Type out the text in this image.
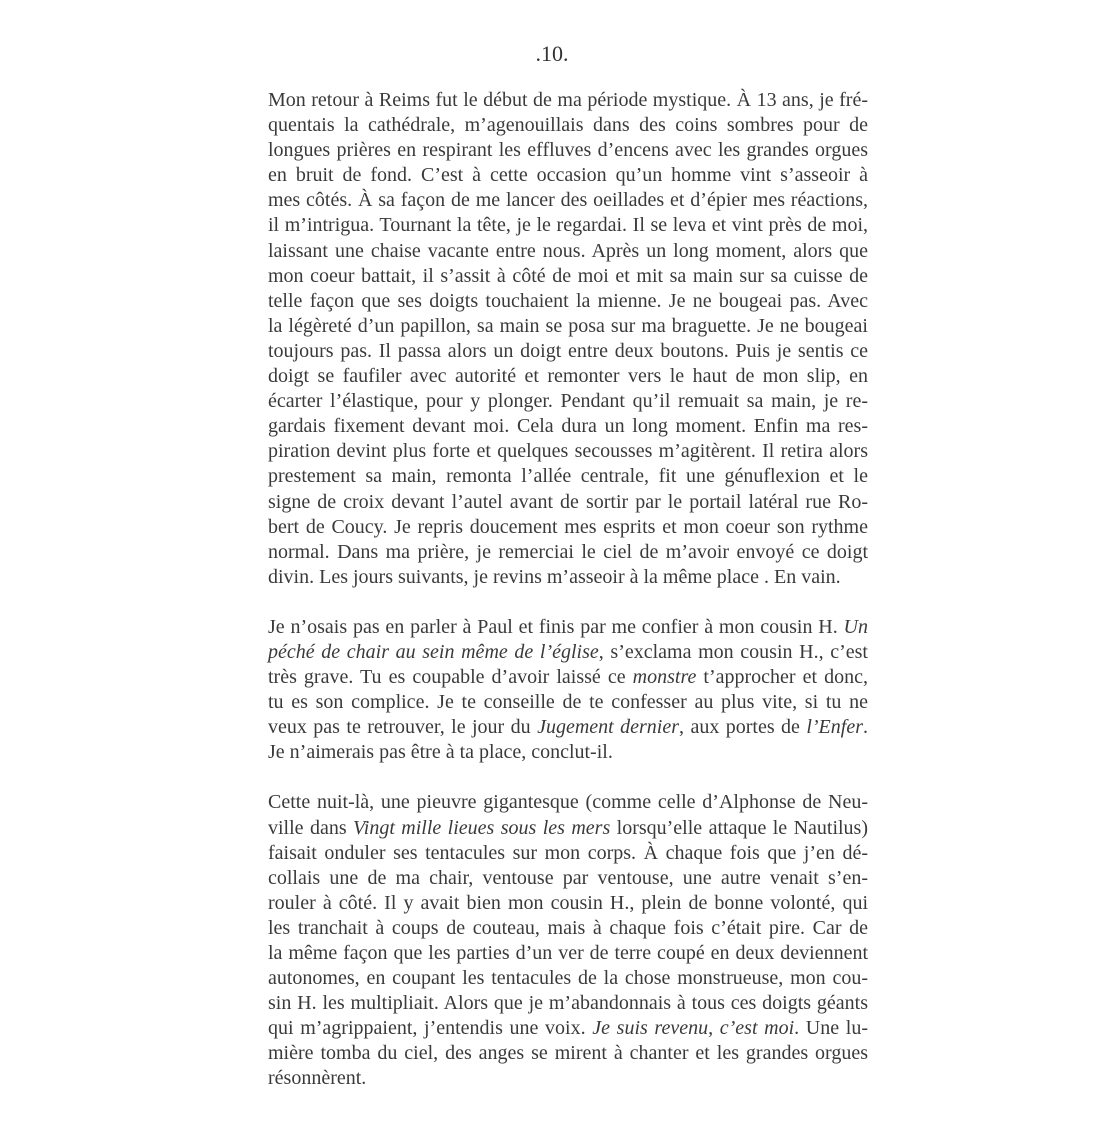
.10.
Mon retour à Reims fut le début de ma période mystique. À 13 ans, je fré-
quentais la cathédrale, m’agenouillais dans des coins sombres pour de
longues prières en respirant les effluves d’encens avec les grandes orgues
en bruit de fond. C’est à cette occasion qu’un homme vint s’asseoir à
mes côtés. À sa façon de me lancer des oeillades et d’épier mes réactions,
il m’intrigua. Tournant la tête, je le regardai. Il se leva et vint près de moi,
laissant une chaise vacante entre nous. Après un long moment, alors que
mon coeur battait, il s’assit à côté de moi et mit sa main sur sa cuisse de
telle façon que ses doigts touchaient la mienne. Je ne bougeai pas. Avec
la légèreté d’un papillon, sa main se posa sur ma braguette. Je ne bougeai
toujours pas. Il passa alors un doigt entre deux boutons. Puis je sentis ce
doigt se faufiler avec autorité et remonter vers le haut de mon slip, en
écarter l’élastique, pour y plonger. Pendant qu’il remuait sa main, je re-
gardais fixement devant moi. Cela dura un long moment. Enfin ma res-
piration devint plus forte et quelques secousses m’agitèrent. Il retira alors
prestement sa main, remonta l’allée centrale, fit une génuflexion et le
signe de croix devant l’autel avant de sortir par le portail latéral rue Ro-
bert de Coucy. Je repris doucement mes esprits et mon coeur son rythme
normal. Dans ma prière, je remerciai le ciel de m’avoir envoyé ce doigt
divin. Les jours suivants, je revins m’asseoir à la même place . En vain.
Je n’osais pas en parler à Paul et finis par me confier à mon cousin H. Un
péché de chair au sein même de l’église, s’exclama mon cousin H., c’est
très grave. Tu es coupable d’avoir laissé ce monstre t’approcher et donc,
tu es son complice. Je te conseille de te confesser au plus vite, si tu ne
veux pas te retrouver, le jour du Jugement dernier, aux portes de l’Enfer.
Je n’aimerais pas être à ta place, conclut-il.
Cette nuit-là, une pieuvre gigantesque (comme celle d’Alphonse de Neu-
ville dans Vingt mille lieues sous les mers lorsqu’elle attaque le Nautilus)
faisait onduler ses tentacules sur mon corps. À chaque fois que j’en dé-
collais une de ma chair, ventouse par ventouse, une autre venait s’en-
rouler à côté. Il y avait bien mon cousin H., plein de bonne volonté, qui
les tranchait à coups de couteau, mais à chaque fois c’était pire. Car de
la même façon que les parties d’un ver de terre coupé en deux deviennent
autonomes, en coupant les tentacules de la chose monstrueuse, mon cou-
sin H. les multipliait. Alors que je m’abandonnais à tous ces doigts géants
qui m’agrippaient, j’entendis une voix. Je suis revenu, c’est moi. Une lu-
mière tomba du ciel, des anges se mirent à chanter et les grandes orgues
résonnèrent.
